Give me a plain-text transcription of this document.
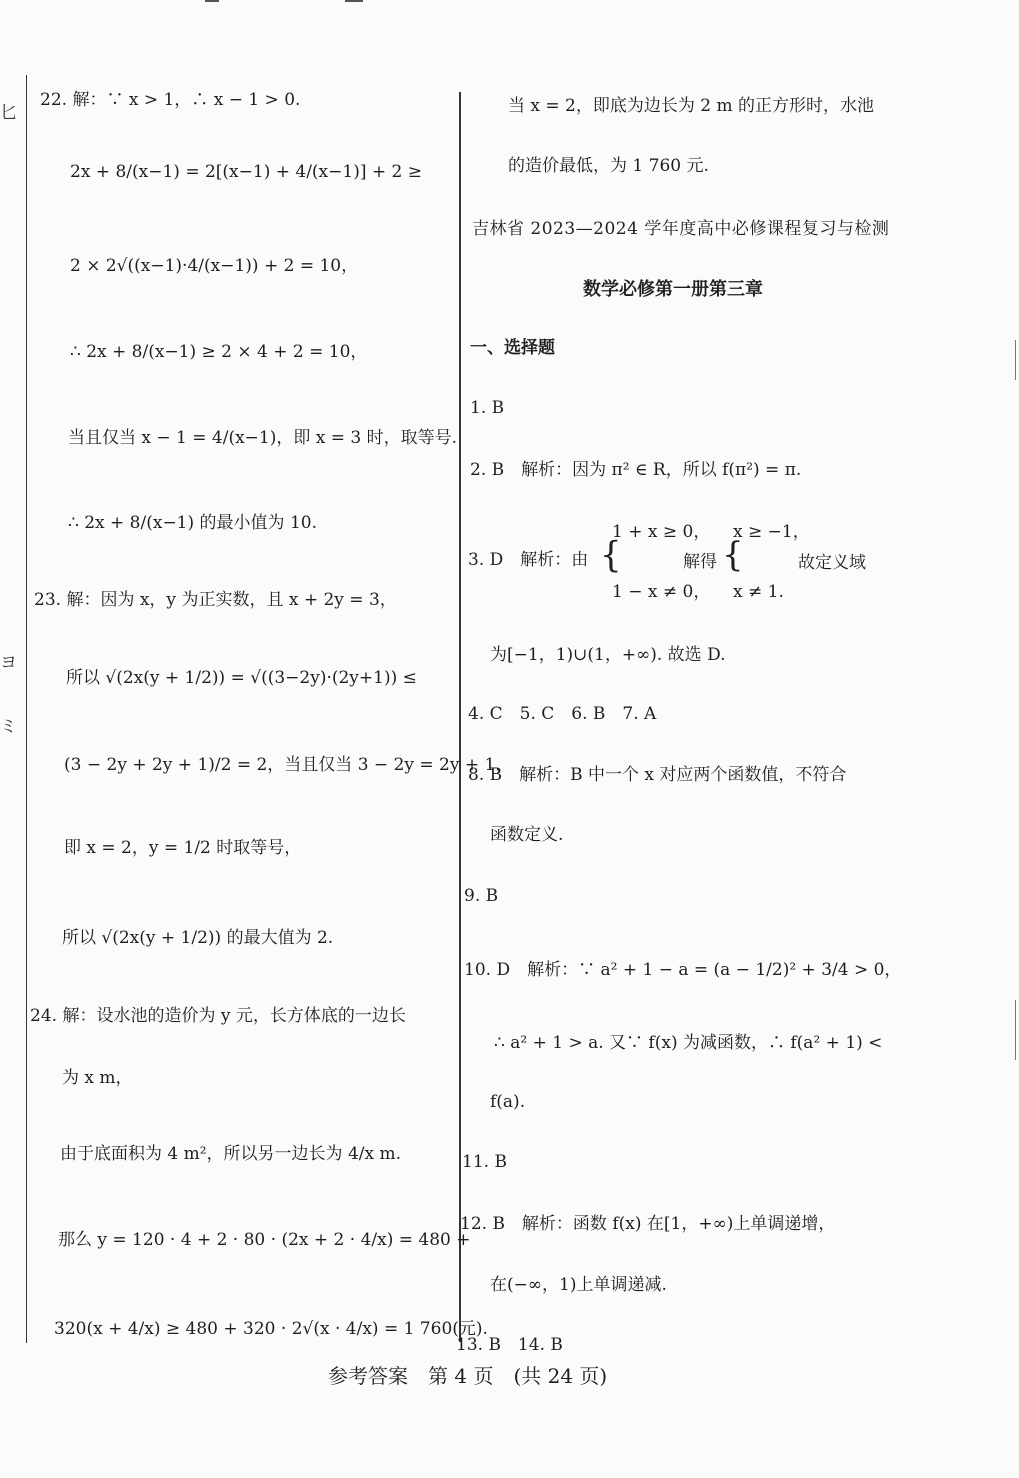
匕
ヨ
ミ
22. 解：∵ x > 1，∴ x − 1 > 0.
2x + 8/(x−1) = 2[(x−1) + 4/(x−1)] + 2 ≥
2 × 2√((x−1)·4/(x−1)) + 2 = 10，
∴ 2x + 8/(x−1) ≥ 2 × 4 + 2 = 10，
当且仅当 x − 1 = 4/(x−1)，即 x = 3 时，取等号.
∴ 2x + 8/(x−1) 的最小值为 10.
23. 解：因为 x，y 为正实数，且 x + 2y = 3，
所以 √(2x(y + 1/2)) = √((3−2y)·(2y+1)) ≤
(3 − 2y + 2y + 1)/2 = 2，当且仅当 3 − 2y = 2y + 1，
即 x = 2，y = 1/2 时取等号，
所以 √(2x(y + 1/2)) 的最大值为 2.
24. 解：设水池的造价为 y 元，长方体底的一边长
为 x m，
由于底面积为 4 m²，所以另一边长为 4/x m.
那么 y = 120 · 4 + 2 · 80 · (2x + 2 · 4/x) = 480 +
320(x + 4/x) ≥ 480 + 320 · 2√(x · 4/x) = 1 760(元).
当 x = 2，即底为边长为 2 m 的正方形时，水池
的造价最低，为 1 760 元.
吉林省 2023—2024 学年度高中必修课程复习与检测
数学必修第一册第三章
一、选择题
1. B
2. B　解析：因为 π² ∈ R，所以 f(π²) = π.
3. D　解析：由 {
1 + x ≥ 0，
1 − x ≠ 0，
解得 {
x ≥ −1，
x ≠ 1.
故定义域
为[−1，1)∪(1，+∞). 故选 D.
4. C　5. C　6. B　7. A
8. B　解析：B 中一个 x 对应两个函数值，不符合
函数定义.
9. B
10. D　解析：∵ a² + 1 − a = (a − 1/2)² + 3/4 > 0，
∴ a² + 1 > a. 又∵ f(x) 为减函数，∴ f(a² + 1) <
f(a).
11. B
12. B　解析：函数 f(x) 在[1，+∞)上单调递增，
在(−∞，1)上单调递减.
13. B　14. B
参考答案　第 4 页　(共 24 页)
